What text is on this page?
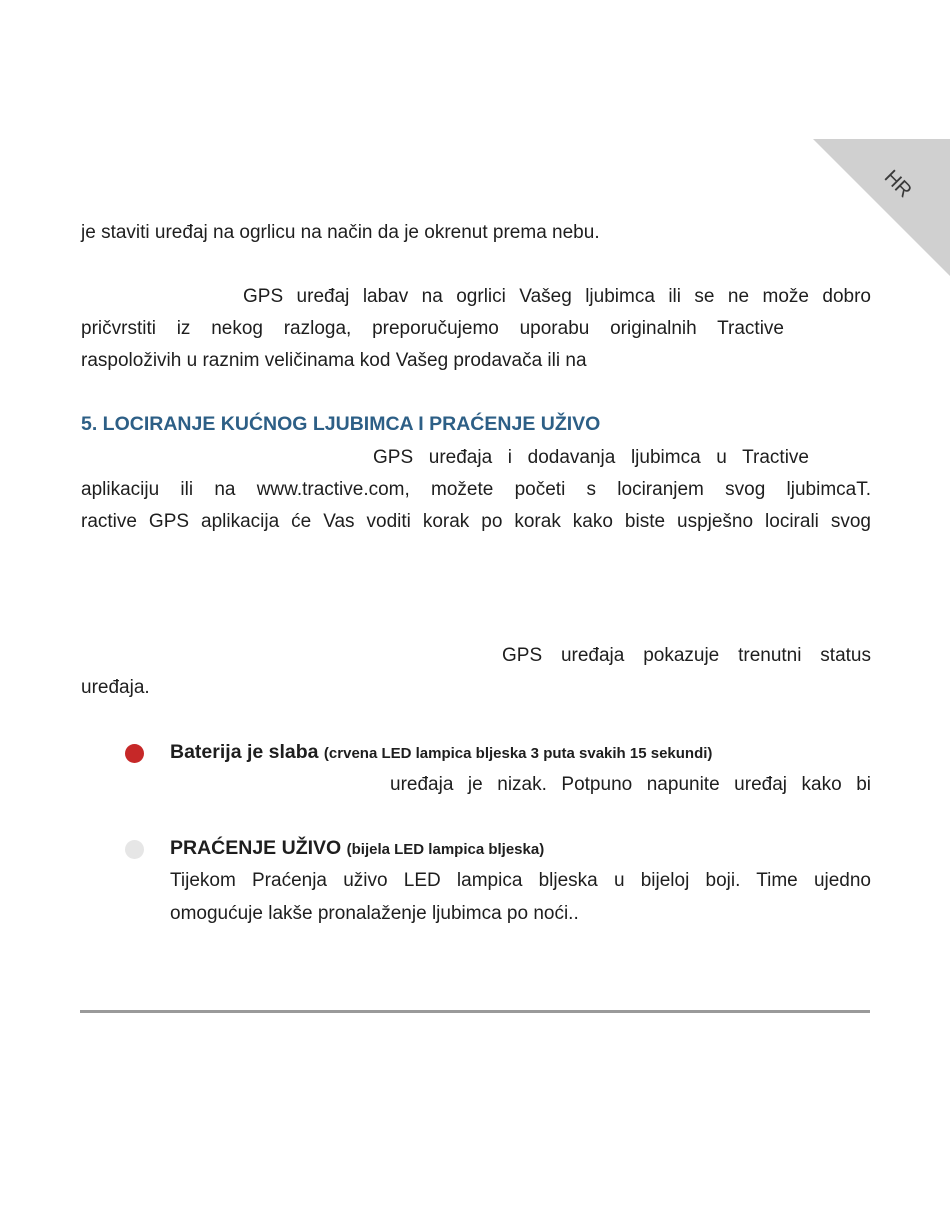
HR
je staviti uređaj na ogrlicu na način da je okrenut prema nebu.
GPS uređaj labav na ogrlici Vašeg ljubimca ili se ne može dobro
pričvrstiti iz nekog razloga, preporučujemo uporabu originalnih Tractive
raspoloživih u raznim veličinama kod Vašeg prodavača ili na
5. LOCIRANJE KUĆNOG LJUBIMCA I PRAĆENJE UŽIVO
GPS uređaja i dodavanja ljubimca u Tractive
aplikaciju ili na www.tractive.com, možete početi s lociranjem svog ljubimcaT.
ractive GPS aplikacija će Vas voditi korak po korak kako biste uspješno locirali svog
GPS uređaja pokazuje trenutni status
uređaja.
Baterija je slaba (crvena LED lampica bljeska 3 puta svakih 15 sekundi)
uređaja je nizak. Potpuno napunite uređaj kako bi
PRAĆENJE UŽIVO (bijela LED lampica bljeska)
Tijekom Praćenja uživo LED lampica bljeska u bijeloj boji. Time ujedno
omogućuje lakše pronalaženje ljubimca po noći..
